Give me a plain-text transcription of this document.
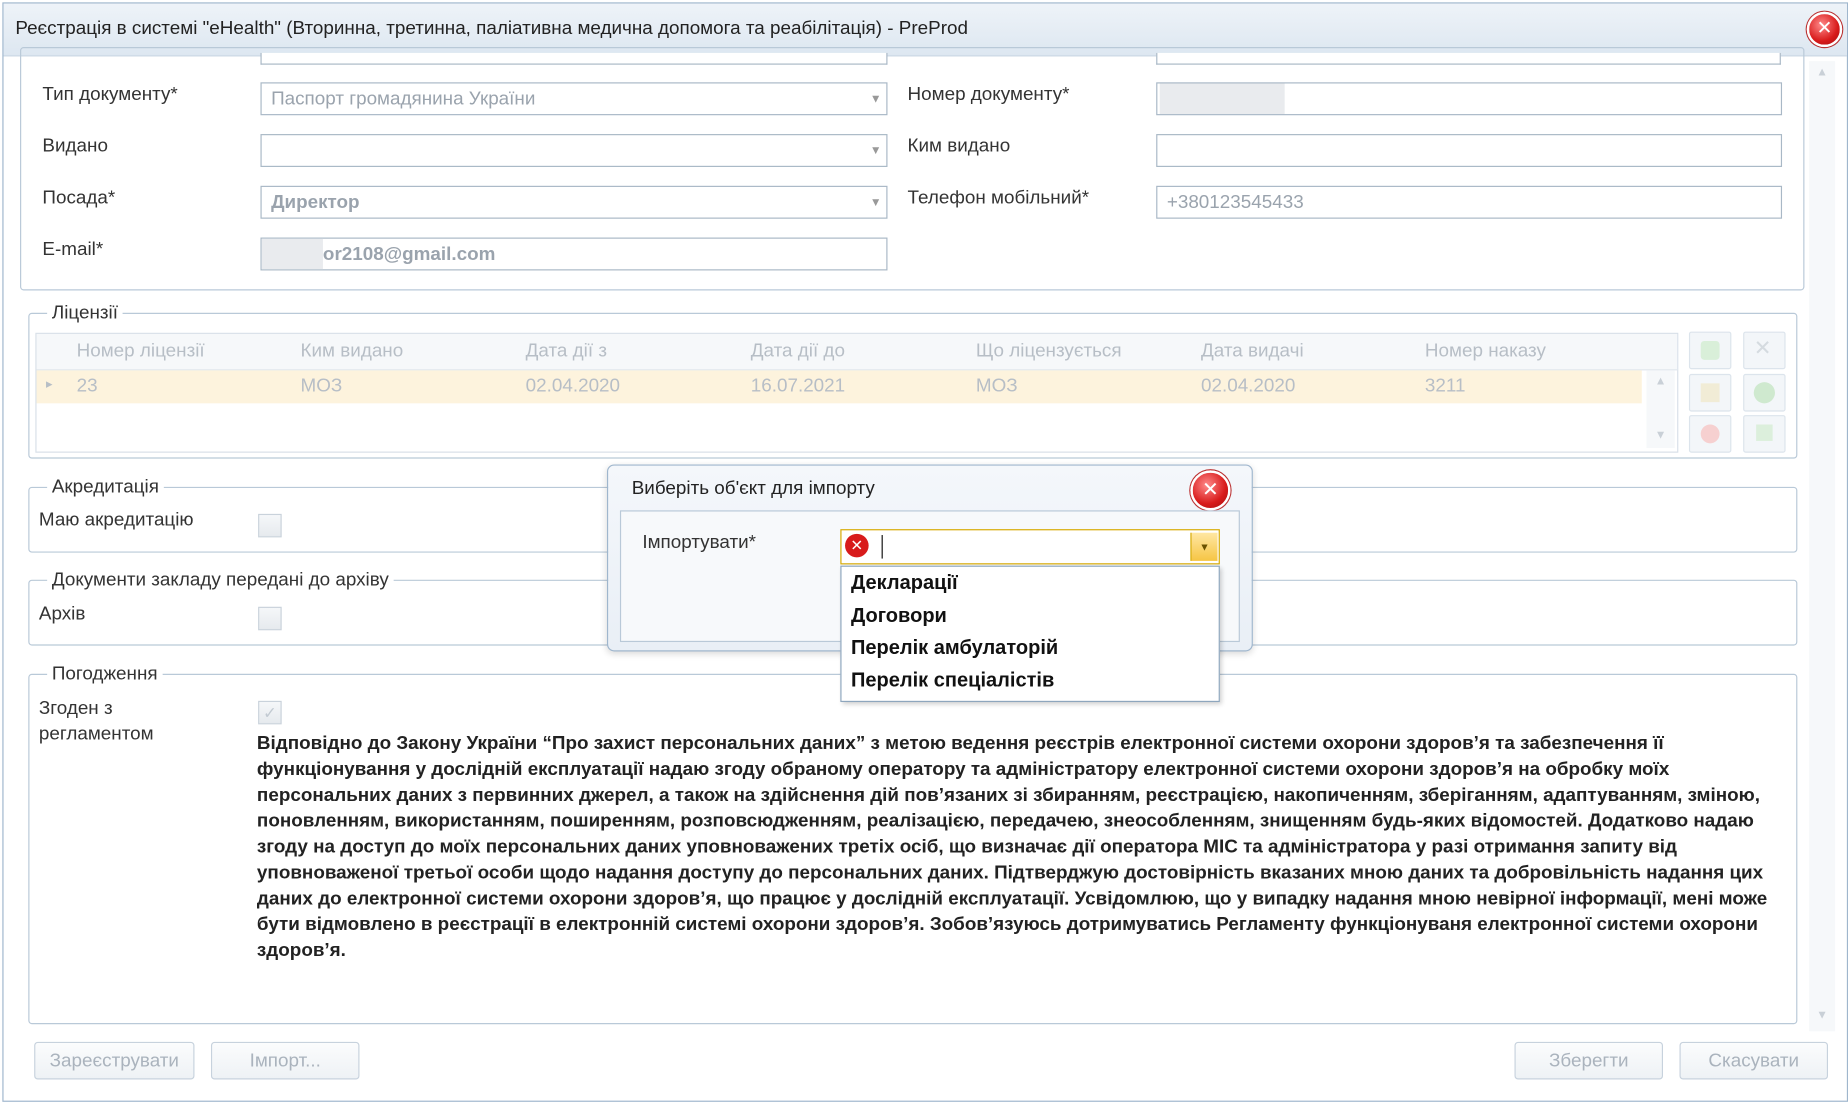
Реєстрація в системі "eHealth" (Вторинна, третинна, паліативна медична допомога та реабілітація) - PreProd	✕
Тип документу*	Паспорт громадянина України	▼ Номер документу*
Видано	▼ Ким видано
Посада*	Директор	▼ Телефон мобільний*	+380123545433
E-mail*	or2108@gmail.com
Ліцензії
Номер ліцензії	Ким видано	Дата дії з	Дата дії до	Що ліцензується	Дата видачі	Номер наказу
▸ 23	МОЗ	02.04.2020	16.07.2021	МОЗ	02.04.2020	3211	▲
▼
✕
Акредитація
Маю акредитацію
Документи закладу передані до архіву
Архів
Погодження
Згоден з
регламентом
✓
Відповідно до Закону України “Про захист персональних даних” з метою ведення реєстрів електронної системи охорони здоров’я та забезпечення її функціонування у дослідній експлуатації надаю згоду обраному оператору та адміністратору електронної системи охорони здоров’я на обробку моїх персональних даних з первинних джерел, а також на здійснення дій пов’язаних зі збиранням, реєстрацією, накопиченням, зберіганням, адаптуванням, зміною, поновленням, використанням, поширенням, розповсюдженням, реалізацією, передачею, знеособленням, знищенням будь-яких відомостей. Додатково надаю згоду на доступ до моїх персональних даних уповноважених третіх осіб, що визначає дії оператора МІС та адміністратора у разі отримання запиту від уповноваженої третьої особи щодо надання доступу до персональних даних. Підтверджую достовірність вказаних мною даних та добровільність надання цих даних до електронної системи охорони здоров’я, що працює у дослідній експлуатації. Усвідомлюю, що у випадку надання мною невірної інформації, мені може бути відмовлено в реєстрації в електронній системі охорони здоров’я. Зобов’язуюсь дотримуватись Регламенту функціонуваня електронної системи охорони здоров’я.
▲
▼
Зареєструвати	Імпорт...	Зберегти	Скасувати
Виберіть об'єкт для імпорту	✕
Імпортувати*	✕	▼
Декларації
Договори
Перелік амбулаторій
Перелік спеціалістів
